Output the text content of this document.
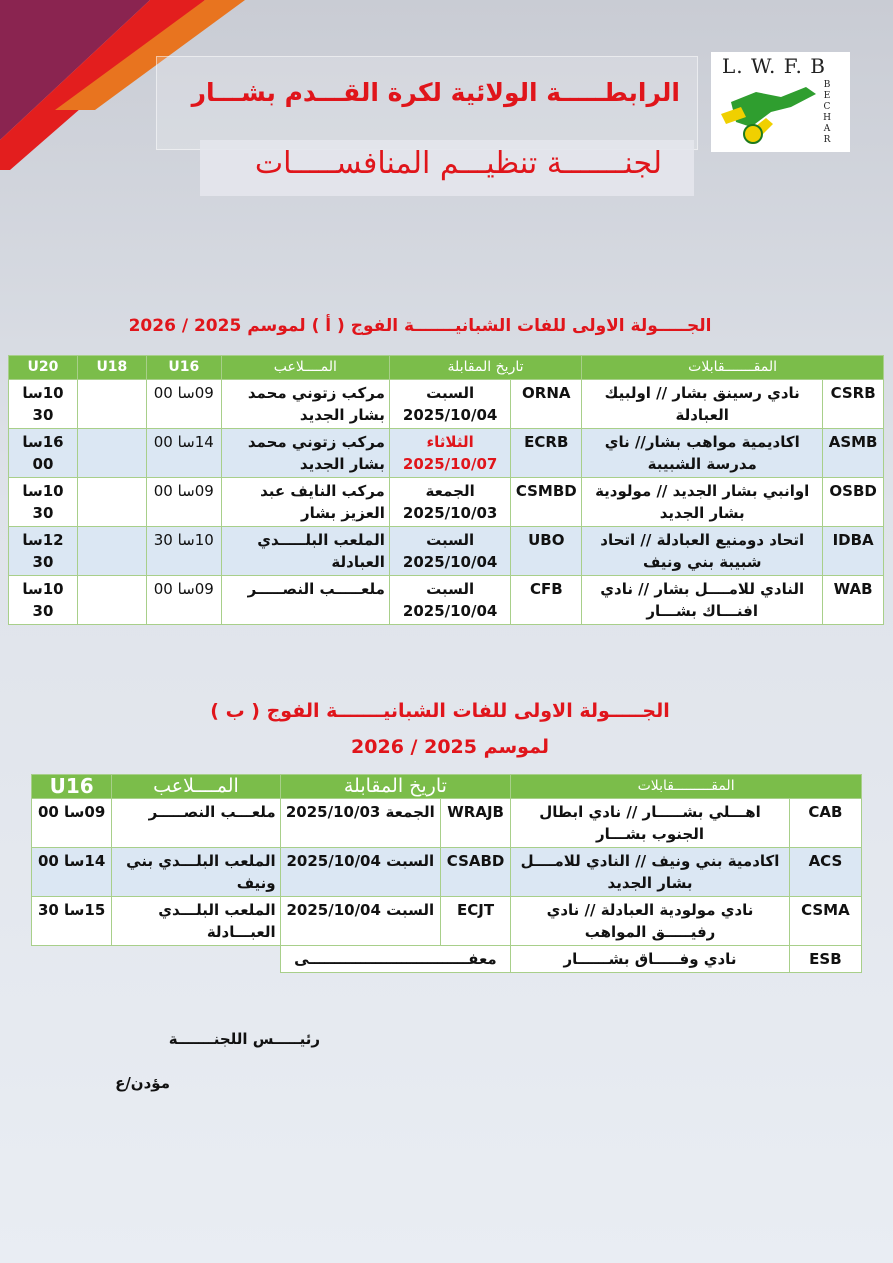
الرابطـــــة الولائية لكرة القـــدم بشـــار
لجنـــــــة تنظيـــم المنافســـــات
L. W. F. B
B
E
C
H
A
R
الجـــــولة الاولى للفات الشبانيـــــــة الفوج ( أ ) لموسم 2025 / 2026
المقـــــــقابلات		تاريخ المقابلة		المــــلاعب	U16	U18	U20
CSRB	نادي رسينق بشار // اولبيك العبادلة	ORNA	السبت 2025/10/04	مركب زتوني محمد بشار الجديد	09سا 00		10سا 30
ASMB	اكاديمية مواهب بشار// ناي مدرسة الشبيبة	ECRB	الثلاثاء 2025/10/07	مركب زتوني محمد بشار الجديد	14سا 00		16سا 00
OSBD	اوانبي بشار الجديد // مولودية بشار الجديد	CSMBD	الجمعة 2025/10/03	مركب النايف عبد العزيز بشار	09سا 00		10سا 30
IDBA	اتحاد دومنيع العبادلة // اتحاد شبيبة بني ونيف	UBO	السبت 2025/10/04	الملعب البلـــــدي العبادلة	10سا 30		12سا 30
WAB	النادي للامــــل بشار // نادي افنـــاك بشـــار	CFB	السبت 2025/10/04	ملعـــــب النصـــــر	09سا 00		10سا 30
الجـــــولة الاولى للفات الشبانيـــــــة الفوج ( ب )
لموسم 2025 / 2026
المقـــــــــقابلات		تاريخ المقابلة		المــــلاعب	U16
CAB	اهـــلي بشـــــار // نادي ابطال الجنوب بشـــار	WRAJB	الجمعة 2025/10/03	ملعـــب النصـــــر	09سا 00
ACS	اكادمية بني ونيف // النادي للامــــل بشار الجديد	CSABD	السبت 2025/10/04	الملعب البلـــدي بني ونيف	14سا 00
CSMA	نادي مولودية العبادلة // نادي رفيـــــق المواهب	ECJT	السبت 2025/10/04	الملعب البلـــدي العبـــادلة	15سا 30
ESB	نادي وفـــــاق بشــــــار	معفـــــــــــــــــــــــــــــــى			
رئيـــــس اللجنـــــــة
مؤدن/ع
